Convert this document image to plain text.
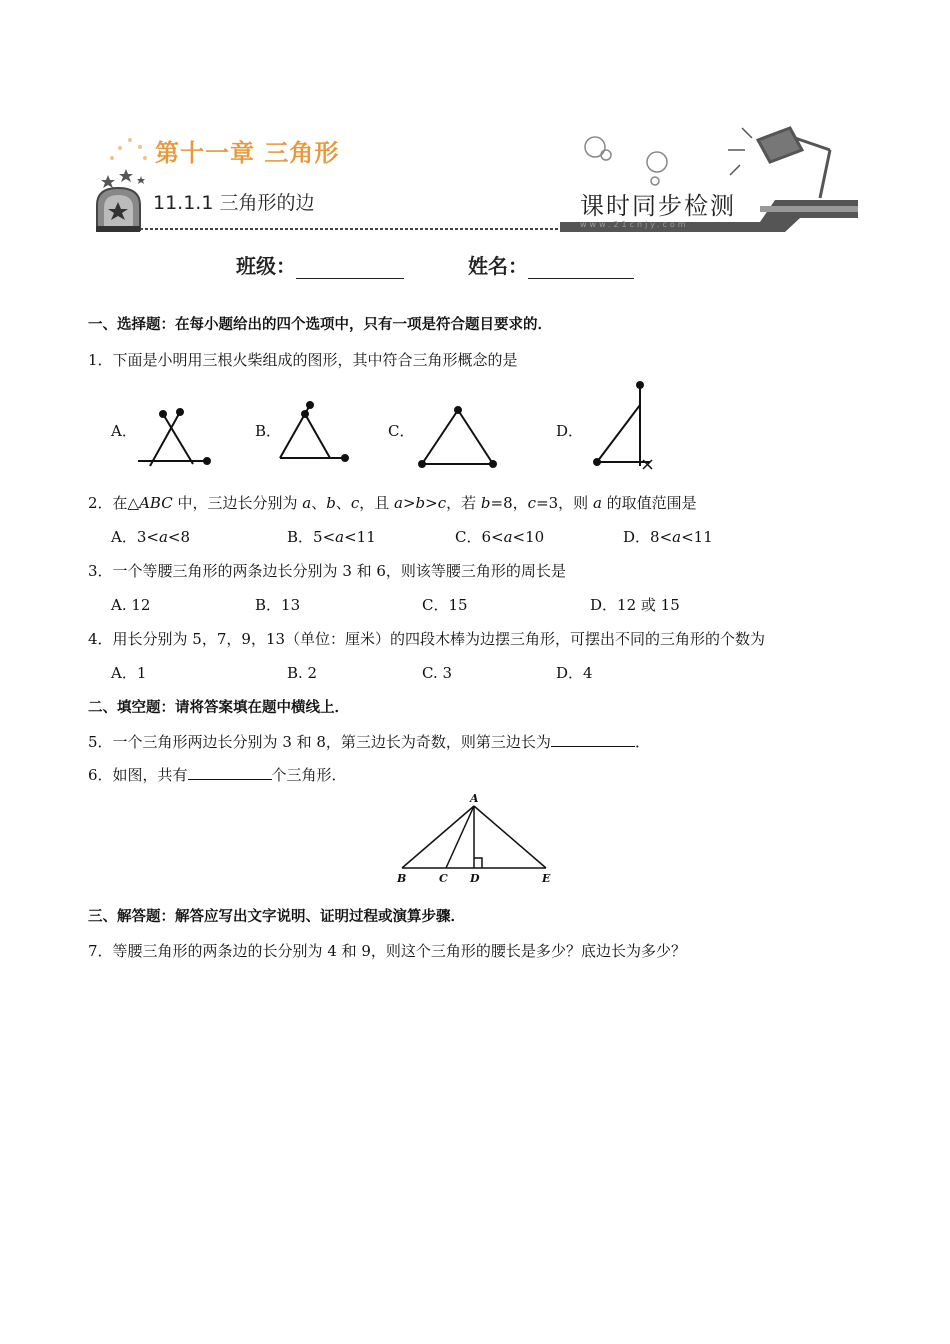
www.21cnjy.com
第十一章 三角形
11.1.1 三角形的边	课时同步检测
班级：	姓名：
一、选择题：在每小题给出的四个选项中，只有一项是符合题目要求的．
1．下面是小明用三根火柴组成的图形，其中符合三角形概念的是
A．	B．	C．	D．
2．在△ABC 中，三边长分别为 a、b、c，且 a>b>c，若 b=8，c=3，则 a 的取值范围是
A．3<a<8	B．5<a<11	C．6<a<10	D．8<a<11
3．一个等腰三角形的两条边长分别为 3 和 6，则该等腰三角形的周长是
A. 12	B．13	C．15	D．12 或 15
4．用长分别为 5，7，9，13（单位：厘米）的四段木棒为边摆三角形，可摆出不同的三角形的个数为
A．1	B. 2	C. 3	D．4
二、填空题：请将答案填在题中横线上．
5．一个三角形两边长分别为 3 和 8，第三边长为奇数，则第三边长为	．
6．如图，共有	个三角形．
A
B	C D	E
三、解答题：解答应写出文字说明、证明过程或演算步骤．
7．等腰三角形的两条边的长分别为 4 和 9，则这个三角形的腰长是多少？底边长为多少？
